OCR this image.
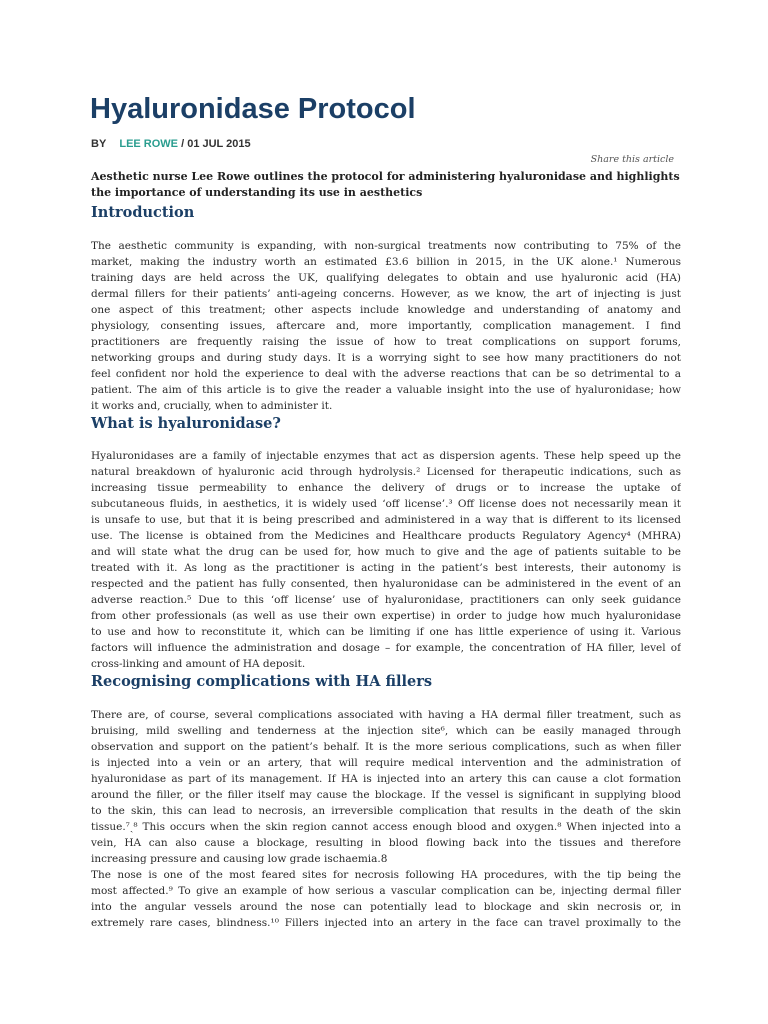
Hyaluronidase Protocol
BY LEE ROWE / 01 JUL 2015
Share this article

Aesthetic nurse Lee Rowe outlines the protocol for administering hyaluronidase and highlights the importance of understanding its use in aesthetics

Introduction
The aesthetic community is expanding, with non-surgical treatments now contributing to 75% of the
market, making the industry worth an estimated £3.6 billion in 2015, in the UK alone.¹ Numerous
training days are held across the UK, qualifying delegates to obtain and use hyaluronic acid (HA)
dermal fillers for their patients’ anti-ageing concerns. However, as we know, the art of injecting is just
one aspect of this treatment; other aspects include knowledge and understanding of anatomy and
physiology, consenting issues, aftercare and, more importantly, complication management. I find
practitioners are frequently raising the issue of how to treat complications on support forums,
networking groups and during study days. It is a worrying sight to see how many practitioners do not
feel confident nor hold the experience to deal with the adverse reactions that can be so detrimental to a
patient. The aim of this article is to give the reader a valuable insight into the use of hyaluronidase; how
it works and, crucially, when to administer it.
What is hyaluronidase?
Hyaluronidases are a family of injectable enzymes that act as dispersion agents. These help speed up the
natural breakdown of hyaluronic acid through hydrolysis.² Licensed for therapeutic indications, such as
increasing tissue permeability to enhance the delivery of drugs or to increase the uptake of
subcutaneous fluids, in aesthetics, it is widely used ‘off license’.³ Off license does not necessarily mean it
is unsafe to use, but that it is being prescribed and administered in a way that is different to its licensed
use. The license is obtained from the Medicines and Healthcare products Regulatory Agency⁴ (MHRA)
and will state what the drug can be used for, how much to give and the age of patients suitable to be
treated with it. As long as the practitioner is acting in the patient’s best interests, their autonomy is
respected and the patient has fully consented, then hyaluronidase can be administered in the event of an
adverse reaction.⁵ Due to this ‘off license’ use of hyaluronidase, practitioners can only seek guidance
from other professionals (as well as use their own expertise) in order to judge how much hyaluronidase
to use and how to reconstitute it, which can be limiting if one has little experience of using it. Various
factors will influence the administration and dosage – for example, the concentration of HA filler, level of
cross-linking and amount of HA deposit.
Recognising complications with HA fillers
There are, of course, several complications associated with having a HA dermal filler treatment, such as
bruising, mild swelling and tenderness at the injection site⁶, which can be easily managed through
observation and support on the patient’s behalf. It is the more serious complications, such as when filler
is injected into a vein or an artery, that will require medical intervention and the administration of
hyaluronidase as part of its management. If HA is injected into an artery this can cause a clot formation
around the filler, or the filler itself may cause the blockage. If the vessel is significant in supplying blood
to the skin, this can lead to necrosis, an irreversible complication that results in the death of the skin
tissue.⁷ˏ⁸ This occurs when the skin region cannot access enough blood and oxygen.⁸ When injected into a
vein, HA can also cause a blockage, resulting in blood flowing back into the tissues and therefore
increasing pressure and causing low grade ischaemia.8
The nose is one of the most feared sites for necrosis following HA procedures, with the tip being the
most affected.⁹ To give an example of how serious a vascular complication can be, injecting dermal filler
into the angular vessels around the nose can potentially lead to blockage and skin necrosis or, in
extremely rare cases, blindness.¹⁰ Fillers injected into an artery in the face can travel proximally to the
